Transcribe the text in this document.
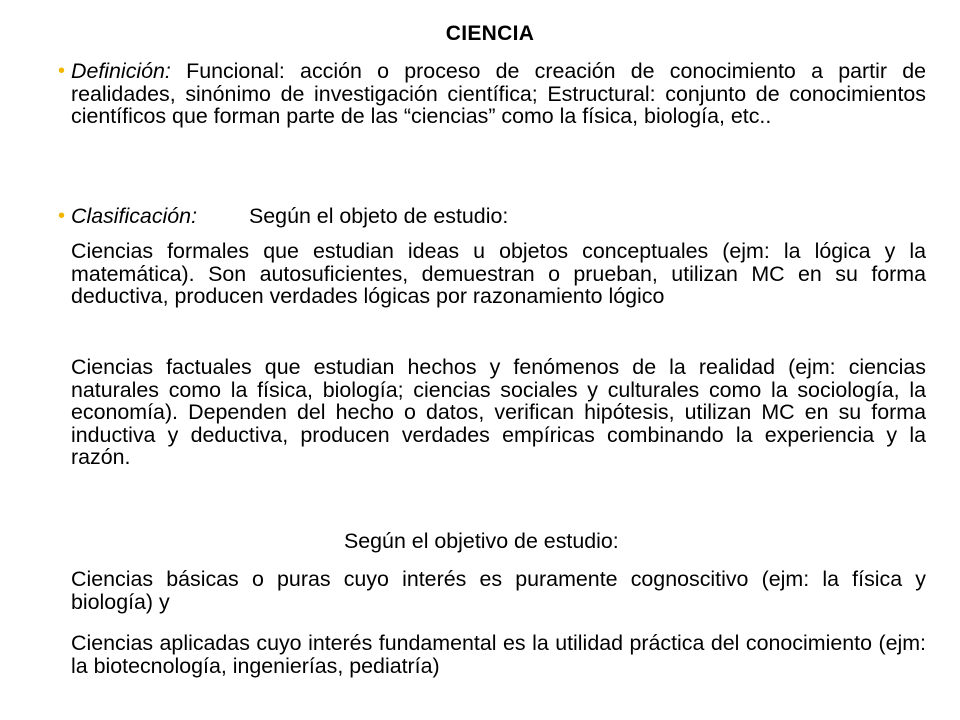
CIENCIA
• Definición: Funcional: acción o proceso de creación de conocimiento a partir de realidades, sinónimo de investigación científica; Estructural: conjunto de conocimientos científicos que forman parte de las “ciencias” como la física, biología, etc..
• Clasificación: Según el objeto de estudio:
Ciencias formales que estudian ideas u objetos conceptuales (ejm: la lógica y la matemática). Son autosuficientes, demuestran o prueban, utilizan MC en su forma deductiva, producen verdades lógicas por razonamiento lógico
Ciencias factuales que estudian hechos y fenómenos de la realidad (ejm: ciencias naturales como la física, biología; ciencias sociales y culturales como la sociología, la economía). Dependen del hecho o datos, verifican hipótesis, utilizan MC en su forma inductiva y deductiva, producen verdades empíricas combinando la experiencia y la razón.
Según el objetivo de estudio:
Ciencias básicas o puras cuyo interés es puramente cognoscitivo (ejm: la física y biología) y
Ciencias aplicadas cuyo interés fundamental es la utilidad práctica del conocimiento (ejm: la biotecnología, ingenierías, pediatría)
